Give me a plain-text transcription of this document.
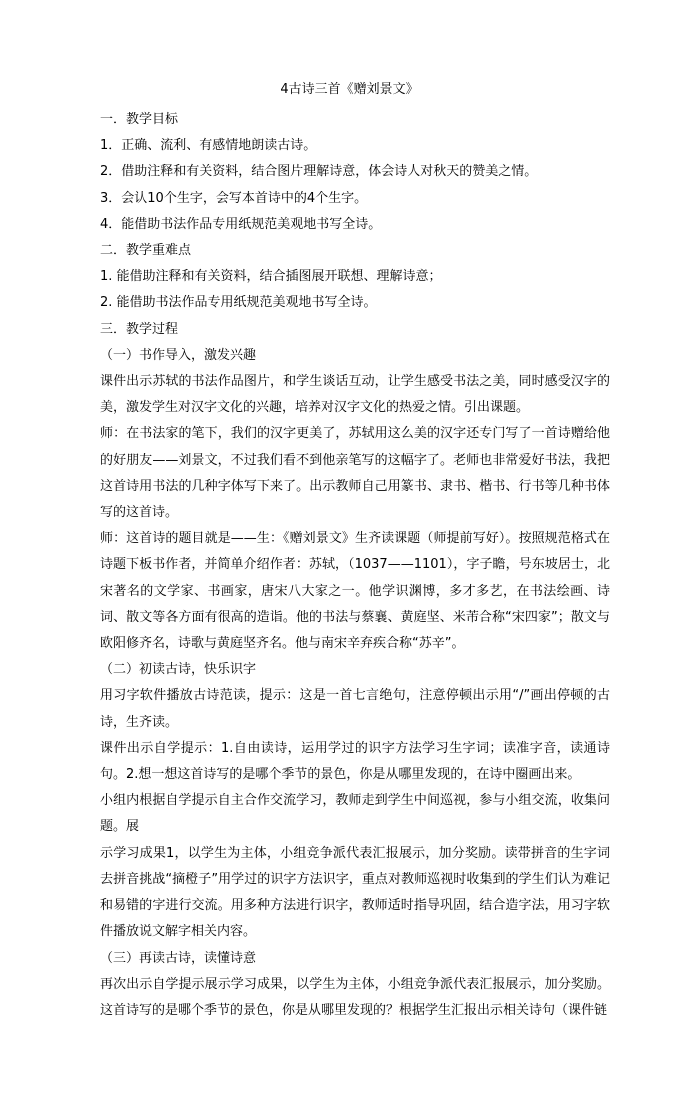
4古诗三首《赠刘景文》

一．教学目标

1．正确、流利、有感情地朗读古诗。

2．借助注释和有关资料，结合图片理解诗意，体会诗人对秋天的赞美之情。

3．会认10个生字，会写本首诗中的4个生字。

4．能借助书法作品专用纸规范美观地书写全诗。

二．教学重难点

1. 能借助注释和有关资料，结合插图展开联想、理解诗意；

2. 能借助书法作品专用纸规范美观地书写全诗。

三．教学过程

（一）书作导入，激发兴趣

课件出示苏轼的书法作品图片，和学生谈话互动，让学生感受书法之美，同时感受汉字的美，激发学生对汉字文化的兴趣，培养对汉字文化的热爱之情。引出课题。

师：在书法家的笔下，我们的汉字更美了，苏轼用这么美的汉字还专门写了一首诗赠给他的好朋友——刘景文，不过我们看不到他亲笔写的这幅字了。老师也非常爱好书法，我把这首诗用书法的几种字体写下来了。出示教师自己用篆书、隶书、楷书、行书等几种书体写的这首诗。

师：这首诗的题目就是——生：《赠刘景文》生齐读课题（师提前写好）。按照规范格式在诗题下板书作者，并简单介绍作者：苏轼，（1037——1101），字子瞻，号东坡居士，北宋著名的文学家、书画家，唐宋八大家之一。他学识渊博，多才多艺，在书法绘画、诗词、散文等各方面有很高的造诣。他的书法与蔡襄、黄庭坚、米芾合称“宋四家”；散文与欧阳修齐名，诗歌与黄庭坚齐名。他与南宋辛弃疾合称“苏辛”。

（二）初读古诗，快乐识字

用习字软件播放古诗范读，提示：这是一首七言绝句，注意停顿出示用“/”画出停顿的古诗，生齐读。

课件出示自学提示：1.自由读诗，运用学过的识字方法学习生字词；读准字音，读通诗句。2.想一想这首诗写的是哪个季节的景色，你是从哪里发现的，在诗中圈画出来。

小组内根据自学提示自主合作交流学习，教师走到学生中间巡视，参与小组交流，收集问题。展

示学习成果1，以学生为主体，小组竞争派代表汇报展示，加分奖励。读带拼音的生字词去拼音挑战“摘橙子”用学过的识字方法识字，重点对教师巡视时收集到的学生们认为难记和易错的字进行交流。用多种方法进行识字，教师适时指导巩固，结合造字法，用习字软件播放说文解字相关内容。

（三）再读古诗，读懂诗意

再次出示自学提示展示学习成果，以学生为主体，小组竞争派代表汇报展示，加分奖励。这首诗写的是哪个季节的景色，你是从哪里发现的？根据学生汇报出示相关诗句（课件链
